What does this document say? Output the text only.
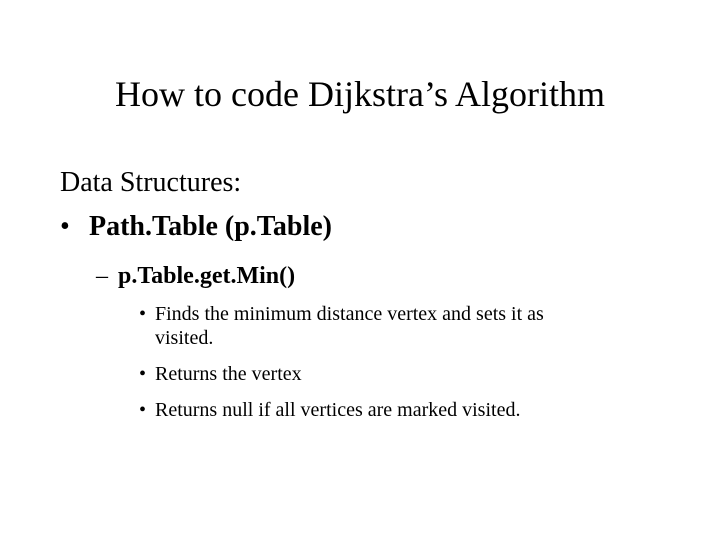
How to code Dijkstra’s Algorithm
Data Structures:
• Path.Table (p.Table)
– p.Table.get.Min()
• Finds the minimum distance vertex and sets it as visited.
• Returns the vertex
• Returns null if all vertices are marked visited.
